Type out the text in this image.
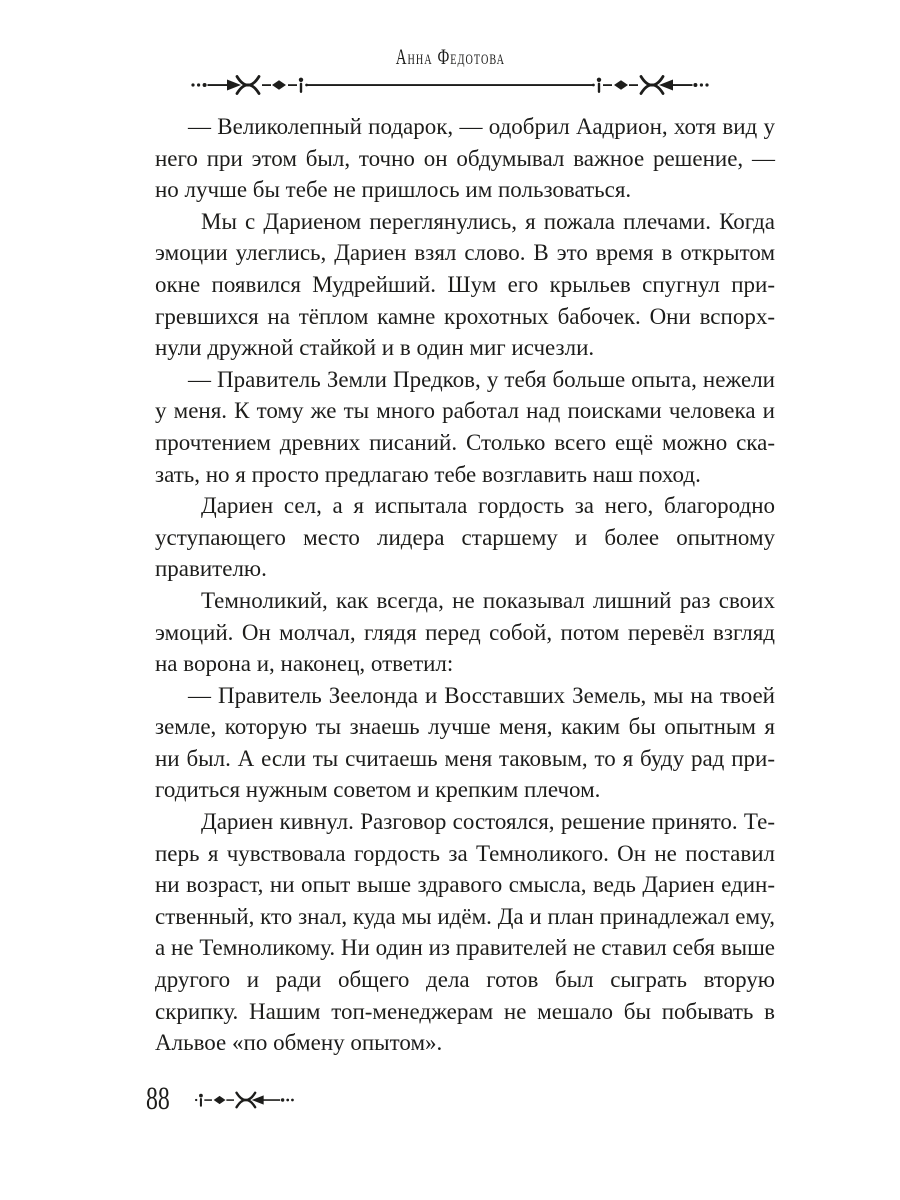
Анна Федотова

— Великолепный подарок, — одобрил Аадрион, хотя вид у него при этом был, точно он обдумывал важное решение, — но лучше бы тебе не пришлось им пользоваться.

Мы с Дариеном переглянулись, я пожала плечами. Когда эмоции улеглись, Дариен взял слово. В это время в открытом окне появился Мудрейший. Шум его крыльев спугнул пригревшихся на тёплом камне крохотных бабочек. Они вспорхнули дружной стайкой и в один миг исчезли.

— Правитель Земли Предков, у тебя больше опыта, нежели у меня. К тому же ты много работал над поисками человека и прочтением древних писаний. Столько всего ещё можно сказать, но я просто предлагаю тебе возглавить наш поход.

Дариен сел, а я испытала гордость за него, благородно уступающего место лидера старшему и более опытному правителю.

Темноликий, как всегда, не показывал лишний раз своих эмоций. Он молчал, глядя перед собой, потом перевёл взгляд на ворона и, наконец, ответил:

— Правитель Зеелонда и Восставших Земель, мы на твоей земле, которую ты знаешь лучше меня, каким бы опытным я ни был. А если ты считаешь меня таковым, то я буду рад пригодиться нужным советом и крепким плечом.

Дариен кивнул. Разговор состоялся, решение принято. Теперь я чувствовала гордость за Темноликого. Он не поставил ни возраст, ни опыт выше здравого смысла, ведь Дариен единственный, кто знал, куда мы идём. Да и план принадлежал ему, а не Темноликому. Ни один из правителей не ставил себя выше другого и ради общего дела готов был сыграть вторую скрипку. Нашим топ-менеджерам не мешало бы побывать в Альвое «по обмену опытом».

88
